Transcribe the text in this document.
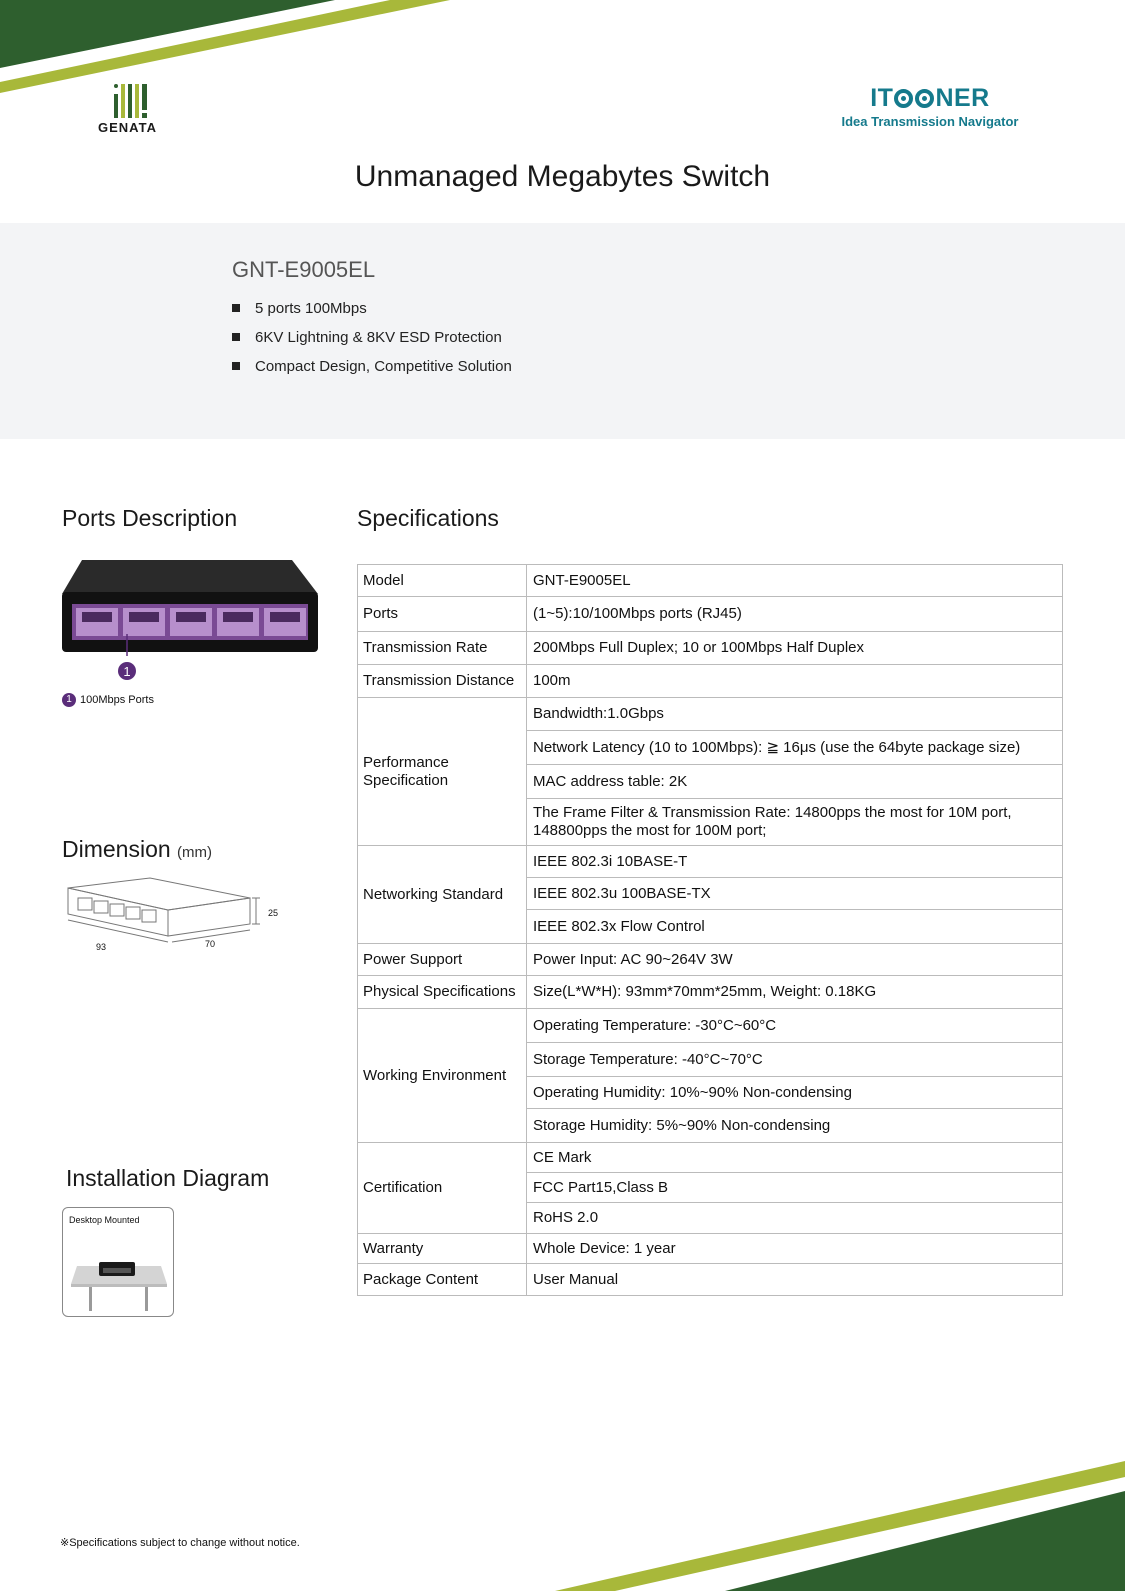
GENATA
IT NER
Idea Transmission Navigator
Unmanaged Megabytes Switch
GNT-E9005EL
5 ports 100Mbps
6KV Lightning & 8KV ESD Protection
Compact Design, Competitive Solution
Ports Description
1
1 100Mbps Ports
Dimension (mm)
25
93	70
Installation Diagram
Desktop Mounted
Specifications
Model	GNT-E9005EL
Ports	(1~5):10/100Mbps ports (RJ45)
Transmission Rate	200Mbps Full Duplex; 10 or 100Mbps Half Duplex
Transmission Distance	100m
Performance Specification	Bandwidth:1.0Gbps
	Network Latency (10 to 100Mbps): ≧ 16μs (use the 64byte package size)
	MAC address table: 2K
	The Frame Filter & Transmission Rate: 14800pps the most for 10M port, 148800pps the most for 100M port;
Networking Standard	IEEE 802.3i 10BASE-T
	IEEE 802.3u 100BASE-TX
	IEEE 802.3x Flow Control
Power Support	Power Input: AC 90~264V 3W
Physical Specifications	Size(L*W*H): 93mm*70mm*25mm, Weight: 0.18KG
Working Environment	Operating Temperature: -30°C~60°C
	Storage Temperature: -40°C~70°C
	Operating Humidity: 10%~90% Non-condensing
	Storage Humidity: 5%~90% Non-condensing
Certification	CE Mark
	FCC Part15,Class B
	RoHS 2.0
Warranty	Whole Device: 1 year
Package Content	User Manual
※Specifications subject to change without notice.
